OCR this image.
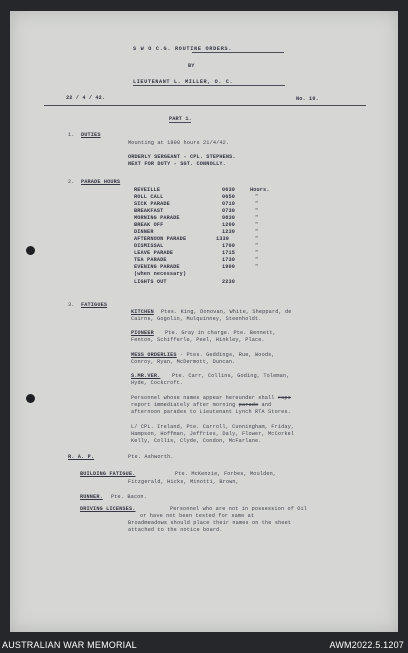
S W O C.G. ROUTINE ORDERS.
BY
LIEUTENANT L. MILLER, O. C.
22 / 4 / 42.	No. 10.
PART 1.
1. DUTIES
Mounting at 1800 hours 21/4/42.
ORDERLY SERGEANT - CPL. STEPHENS.
NEXT FOR DUTY - SGT. CONNOLLY.
2. PARADE HOURS
REVEILLE	0630	Hours.
ROLL CALL	0650	"
SICK PARADE	0710	"
BREAKFAST	0730	"
MORNING PARADE	0830	"
BREAK OFF	1200	"
DINNER	1230	"
AFTERNOON PARADE	1330	"
DISMISSAL	1700	"
LEAVE PARADE	1715	"
TEA PARADE	1730	"
EVENING PARADE	1900	"
(when necessary)
LIGHTS OUT	2230
3. FATIGUES
KITCHEN Ptes. King, Donovan, White, Sheppard, de
Cairns, Gogolin, Mulquinney, Steenholdt.
PIONEER Pte. Gray in charge. Pte. Bennett,
Fenton, Schifferle, Peel, Hinkley, Place.
MESS ORDERLIES - Ptes. Geddings, Rue, Woods,
Conroy, Ryan, McDermott, Duncan.
S.MR.VER. Pte. Carr, Collins, Goding, Toleman,
Hyde, Cockcroft.
Personnel whose names appear hereunder shall repo
report immediately after morning parade and
afternoon parades to Lieutenant Lynch RTA Stores.
L/ CPL. Ireland, Pte. Carroll, Cunningham, Friday,
Hampson, Hoffman, Jeffries, Daly, Flower, McCorkel
Kelly, Collis, Clyde, Condon, McFarlane.
R. A. P.	Pte. Ashworth.
BUILDING FATIGUE.	Pte. McKenzie, Forbes, Moulden,
Fitzgerald, Hicks, Minotti, Brown,
RUNNER. Pte. Bacon.
DRIVING LICENSES.	Personnel who are not in possession of Oil
or have not been tested for same at
Broadmeadows should place their names on the sheet
attached to the notice board.
AUSTRALIAN WAR MEMORIAL	AWM2022.5.1207
